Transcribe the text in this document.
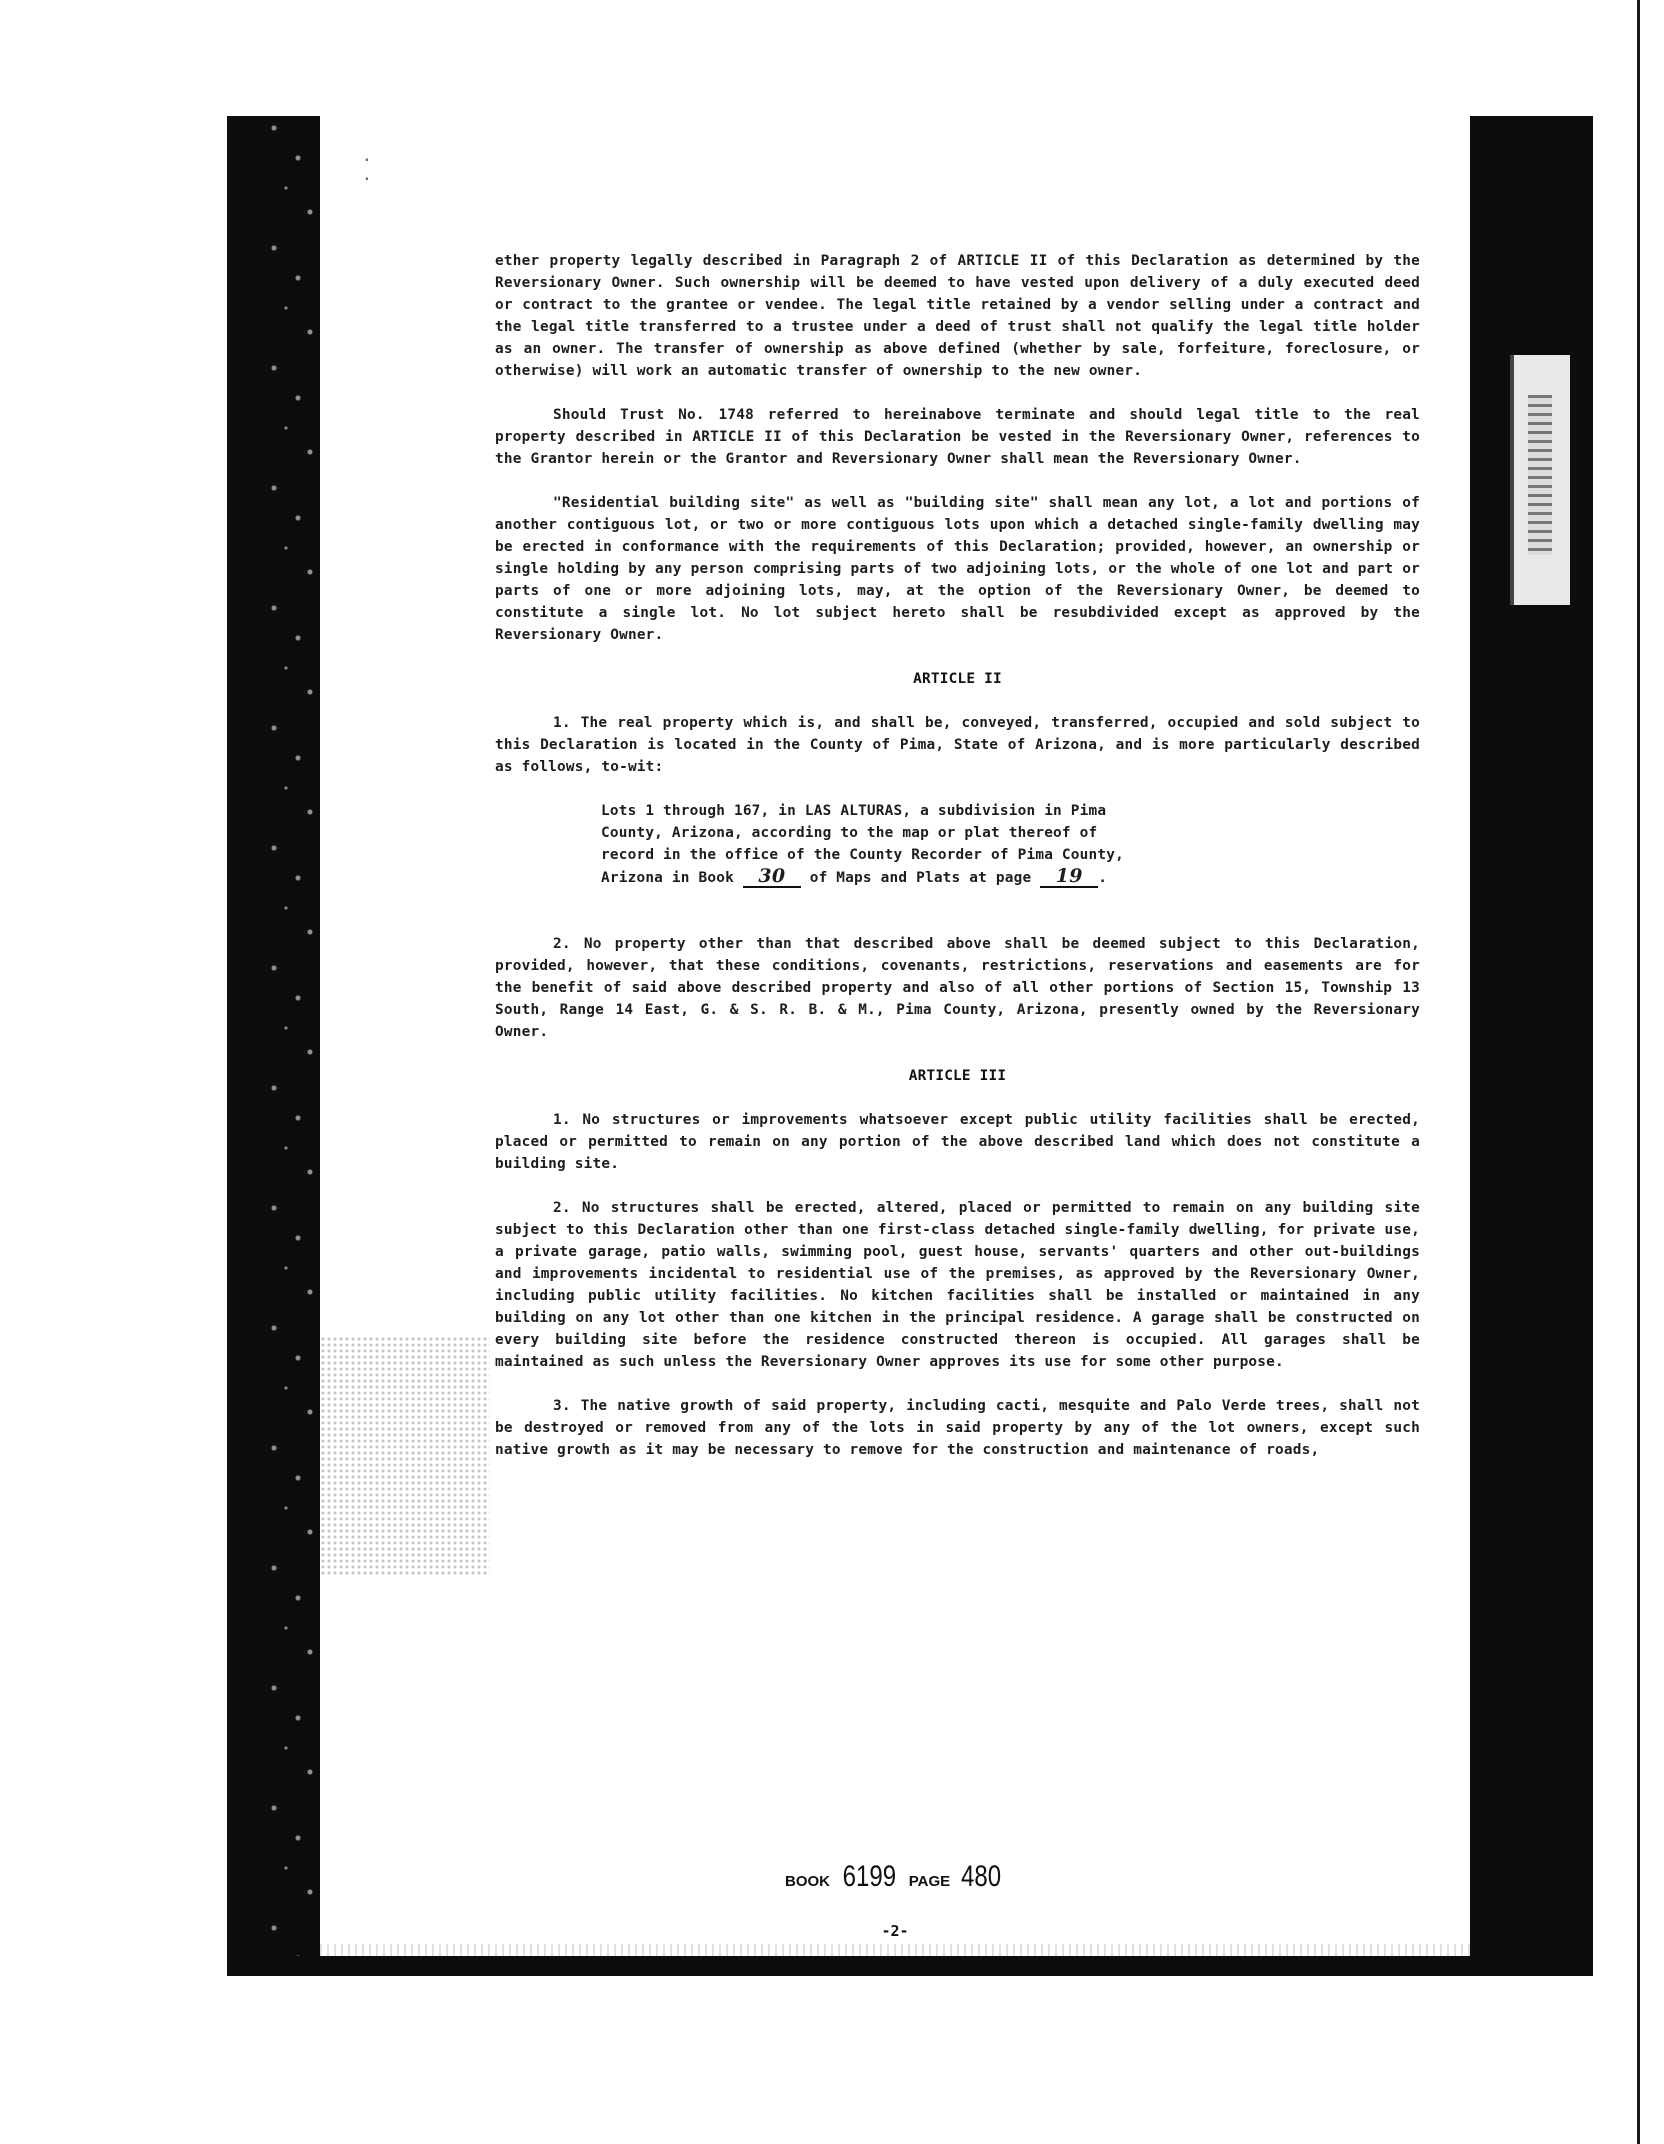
. .

ether property legally described in Paragraph 2 of ARTICLE II of this Declaration as determined by the Reversionary Owner. Such ownership will be deemed to have vested upon delivery of a duly executed deed or contract to the grantee or vendee. The legal title retained by a vendor selling under a contract and the legal title transferred to a trustee under a deed of trust shall not qualify the legal title holder as an owner. The transfer of ownership as above defined (whether by sale, forfeiture, foreclosure, or otherwise) will work an automatic transfer of ownership to the new owner.

Should Trust No. 1748 referred to hereinabove terminate and should legal title to the real property described in ARTICLE II of this Declaration be vested in the Reversionary Owner, references to the Grantor herein or the Grantor and Reversionary Owner shall mean the Reversionary Owner.

"Residential building site" as well as "building site" shall mean any lot, a lot and portions of another contiguous lot, or two or more contiguous lots upon which a detached single-family dwelling may be erected in conformance with the requirements of this Declaration; provided, however, an ownership or single holding by any person comprising parts of two adjoining lots, or the whole of one lot and part or parts of one or more adjoining lots, may, at the option of the Reversionary Owner, be deemed to constitute a single lot. No lot subject hereto shall be resubdivided except as approved by the Reversionary Owner.

ARTICLE II

1. The real property which is, and shall be, conveyed, transferred, occupied and sold subject to this Declaration is located in the County of Pima, State of Arizona, and is more particularly described as follows, to-wit:

Lots 1 through 167, in LAS ALTURAS, a subdivision in Pima
County, Arizona, according to the map or plat thereof of
record in the office of the County Recorder of Pima County,
Arizona in Book 30 of Maps and Plats at page 19 .

2. No property other than that described above shall be deemed subject to this Declaration, provided, however, that these conditions, covenants, restrictions, reservations and easements are for the benefit of said above described property and also of all other portions of Section 15, Township 13 South, Range 14 East, G. & S. R. B. & M., Pima County, Arizona, presently owned by the Reversionary Owner.

ARTICLE III

1. No structures or improvements whatsoever except public utility facilities shall be erected, placed or permitted to remain on any portion of the above described land which does not constitute a building site.

2. No structures shall be erected, altered, placed or permitted to remain on any building site subject to this Declaration other than one first-class detached single-family dwelling, for private use, a private garage, patio walls, swimming pool, guest house, servants' quarters and other out-buildings and improvements incidental to residential use of the premises, as approved by the Reversionary Owner, including public utility facilities. No kitchen facilities shall be installed or maintained in any building on any lot other than one kitchen in the principal residence. A garage shall be constructed on every building site before the residence constructed thereon is occupied. All garages shall be maintained as such unless the Reversionary Owner approves its use for some other purpose.

3. The native growth of said property, including cacti, mesquite and Palo Verde trees, shall not be destroyed or removed from any of the lots in said property by any of the lot owners, except such native growth as it may be necessary to remove for the construction and maintenance of roads,

BOOK 6199 PAGE 480
-2-
